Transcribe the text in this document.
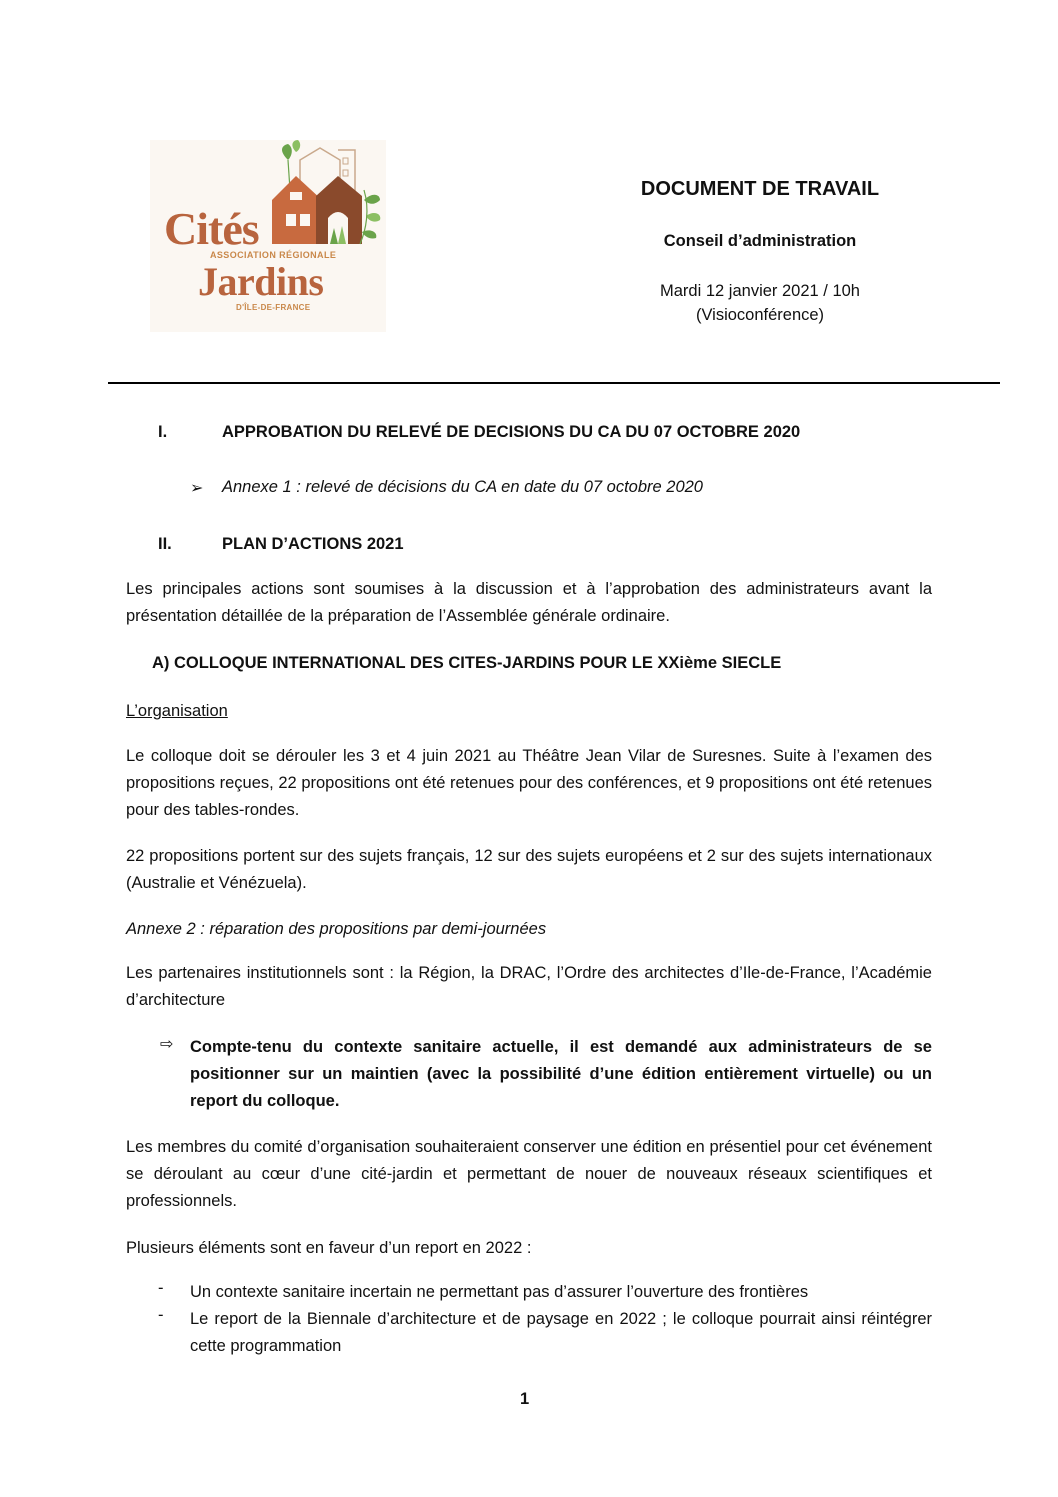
Cités
ASSOCIATION RÉGIONALE
Jardins
D'ÎLE-DE-FRANCE
DOCUMENT DE TRAVAIL
Conseil d’administration
Mardi 12 janvier 2021 / 10h
(Visioconférence)
I.	APPROBATION DU RELEVÉ DE DECISIONS DU CA DU 07 OCTOBRE 2020
➢ Annexe 1 : relevé de décisions du CA en date du 07 octobre 2020
II.	PLAN D’ACTIONS 2021
Les principales actions sont soumises à la discussion et à l’approbation des administrateurs avant la présentation détaillée de la préparation de l’Assemblée générale ordinaire.
A) COLLOQUE INTERNATIONAL DES CITES-JARDINS POUR LE XXième SIECLE
L’organisation
Le colloque doit se dérouler les 3 et 4 juin 2021 au Théâtre Jean Vilar de Suresnes. Suite à l’examen des propositions reçues, 22 propositions ont été retenues pour des conférences, et 9 propositions ont été retenues pour des tables-rondes.
22 propositions portent sur des sujets français, 12 sur des sujets européens et 2 sur des sujets internationaux (Australie et Vénézuela).
Annexe 2 : réparation des propositions par demi-journées
Les partenaires institutionnels sont : la Région, la DRAC, l’Ordre des architectes d’Ile-de-France, l’Académie d’architecture
⇨ Compte-tenu du contexte sanitaire actuelle, il est demandé aux administrateurs de se positionner sur un maintien (avec la possibilité d’une édition entièrement virtuelle) ou un report du colloque.
Les membres du comité d’organisation souhaiteraient conserver une édition en présentiel pour cet événement se déroulant au cœur d’une cité-jardin et permettant de nouer de nouveaux réseaux scientifiques et professionnels.
Plusieurs éléments sont en faveur d’un report en 2022 :
- Un contexte sanitaire incertain ne permettant pas d’assurer l’ouverture des frontières
- Le report de la Biennale d’architecture et de paysage en 2022 ; le colloque pourrait ainsi réintégrer cette programmation
1
